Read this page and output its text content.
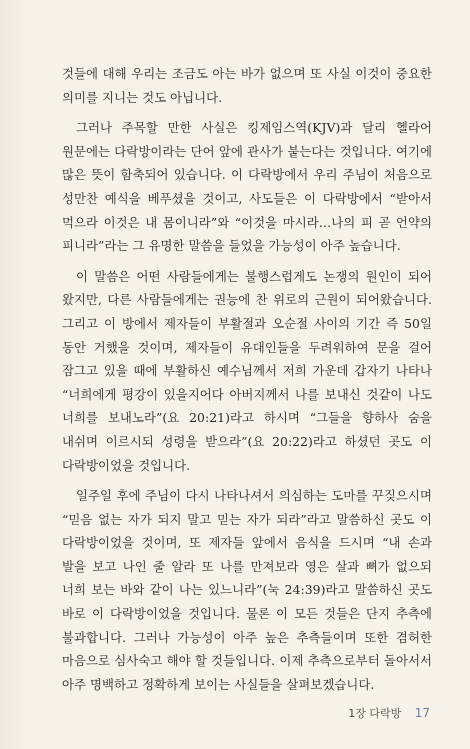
것들에 대해 우리는 조금도 아는 바가 없으며 또 사실 이것이 중요한 의미를 지니는 것도 아닙니다.

그러나 주목할 만한 사실은 킹제임스역(KJV)과 달리 헬라어 원문에는 다락방이라는 단어 앞에 관사가 붙는다는 것입니다. 여기에 많은 뜻이 함축되어 있습니다. 이 다락방에서 우리 주님이 처음으로 성만찬 예식을 베푸셨을 것이고, 사도들은 이 다락방에서 “받아서 먹으라 이것은 내 몸이니라”와 “이것을 마시라…나의 피 곧 언약의 피니라”라는 그 유명한 말씀을 들었을 가능성이 아주 높습니다.

이 말씀은 어떤 사람들에게는 불행스럽게도 논쟁의 원인이 되어 왔지만, 다른 사람들에게는 권능에 찬 위로의 근원이 되어왔습니다. 그리고 이 방에서 제자들이 부활절과 오순절 사이의 기간 즉 50일 동안 거했을 것이며, 제자들이 유대인들을 두려워하여 문을 걸어 잠그고 있을 때에 부활하신 예수님께서 저희 가운데 갑자기 나타나 “너희에게 평강이 있을지어다 아버지께서 나를 보내신 것같이 나도 너희를 보내노라”(요 20:21)라고 하시며 “그들을 향하사 숨을 내쉬며 이르시되 성령을 받으라”(요 20:22)라고 하셨던 곳도 이 다락방이었을 것입니다.

일주일 후에 주님이 다시 나타나셔서 의심하는 도마를 꾸짖으시며 “믿음 없는 자가 되지 말고 믿는 자가 되라”라고 말씀하신 곳도 이 다락방이었을 것이며, 또 제자들 앞에서 음식을 드시며 “내 손과 발을 보고 나인 줄 알라 또 나를 만져보라 영은 살과 뼈가 없으되 너희 보는 바와 같이 나는 있느니라”(눅 24:39)라고 말씀하신 곳도 바로 이 다락방이었을 것입니다. 물론 이 모든 것들은 단지 추측에 불과합니다. 그러나 가능성이 아주 높은 추측들이며 또한 겸허한 마음으로 심사숙고 해야 할 것들입니다. 이제 추측으로부터 돌아서서 아주 명백하고 정확하게 보이는 사실들을 살펴보겠습니다.

1장 다락방 17
